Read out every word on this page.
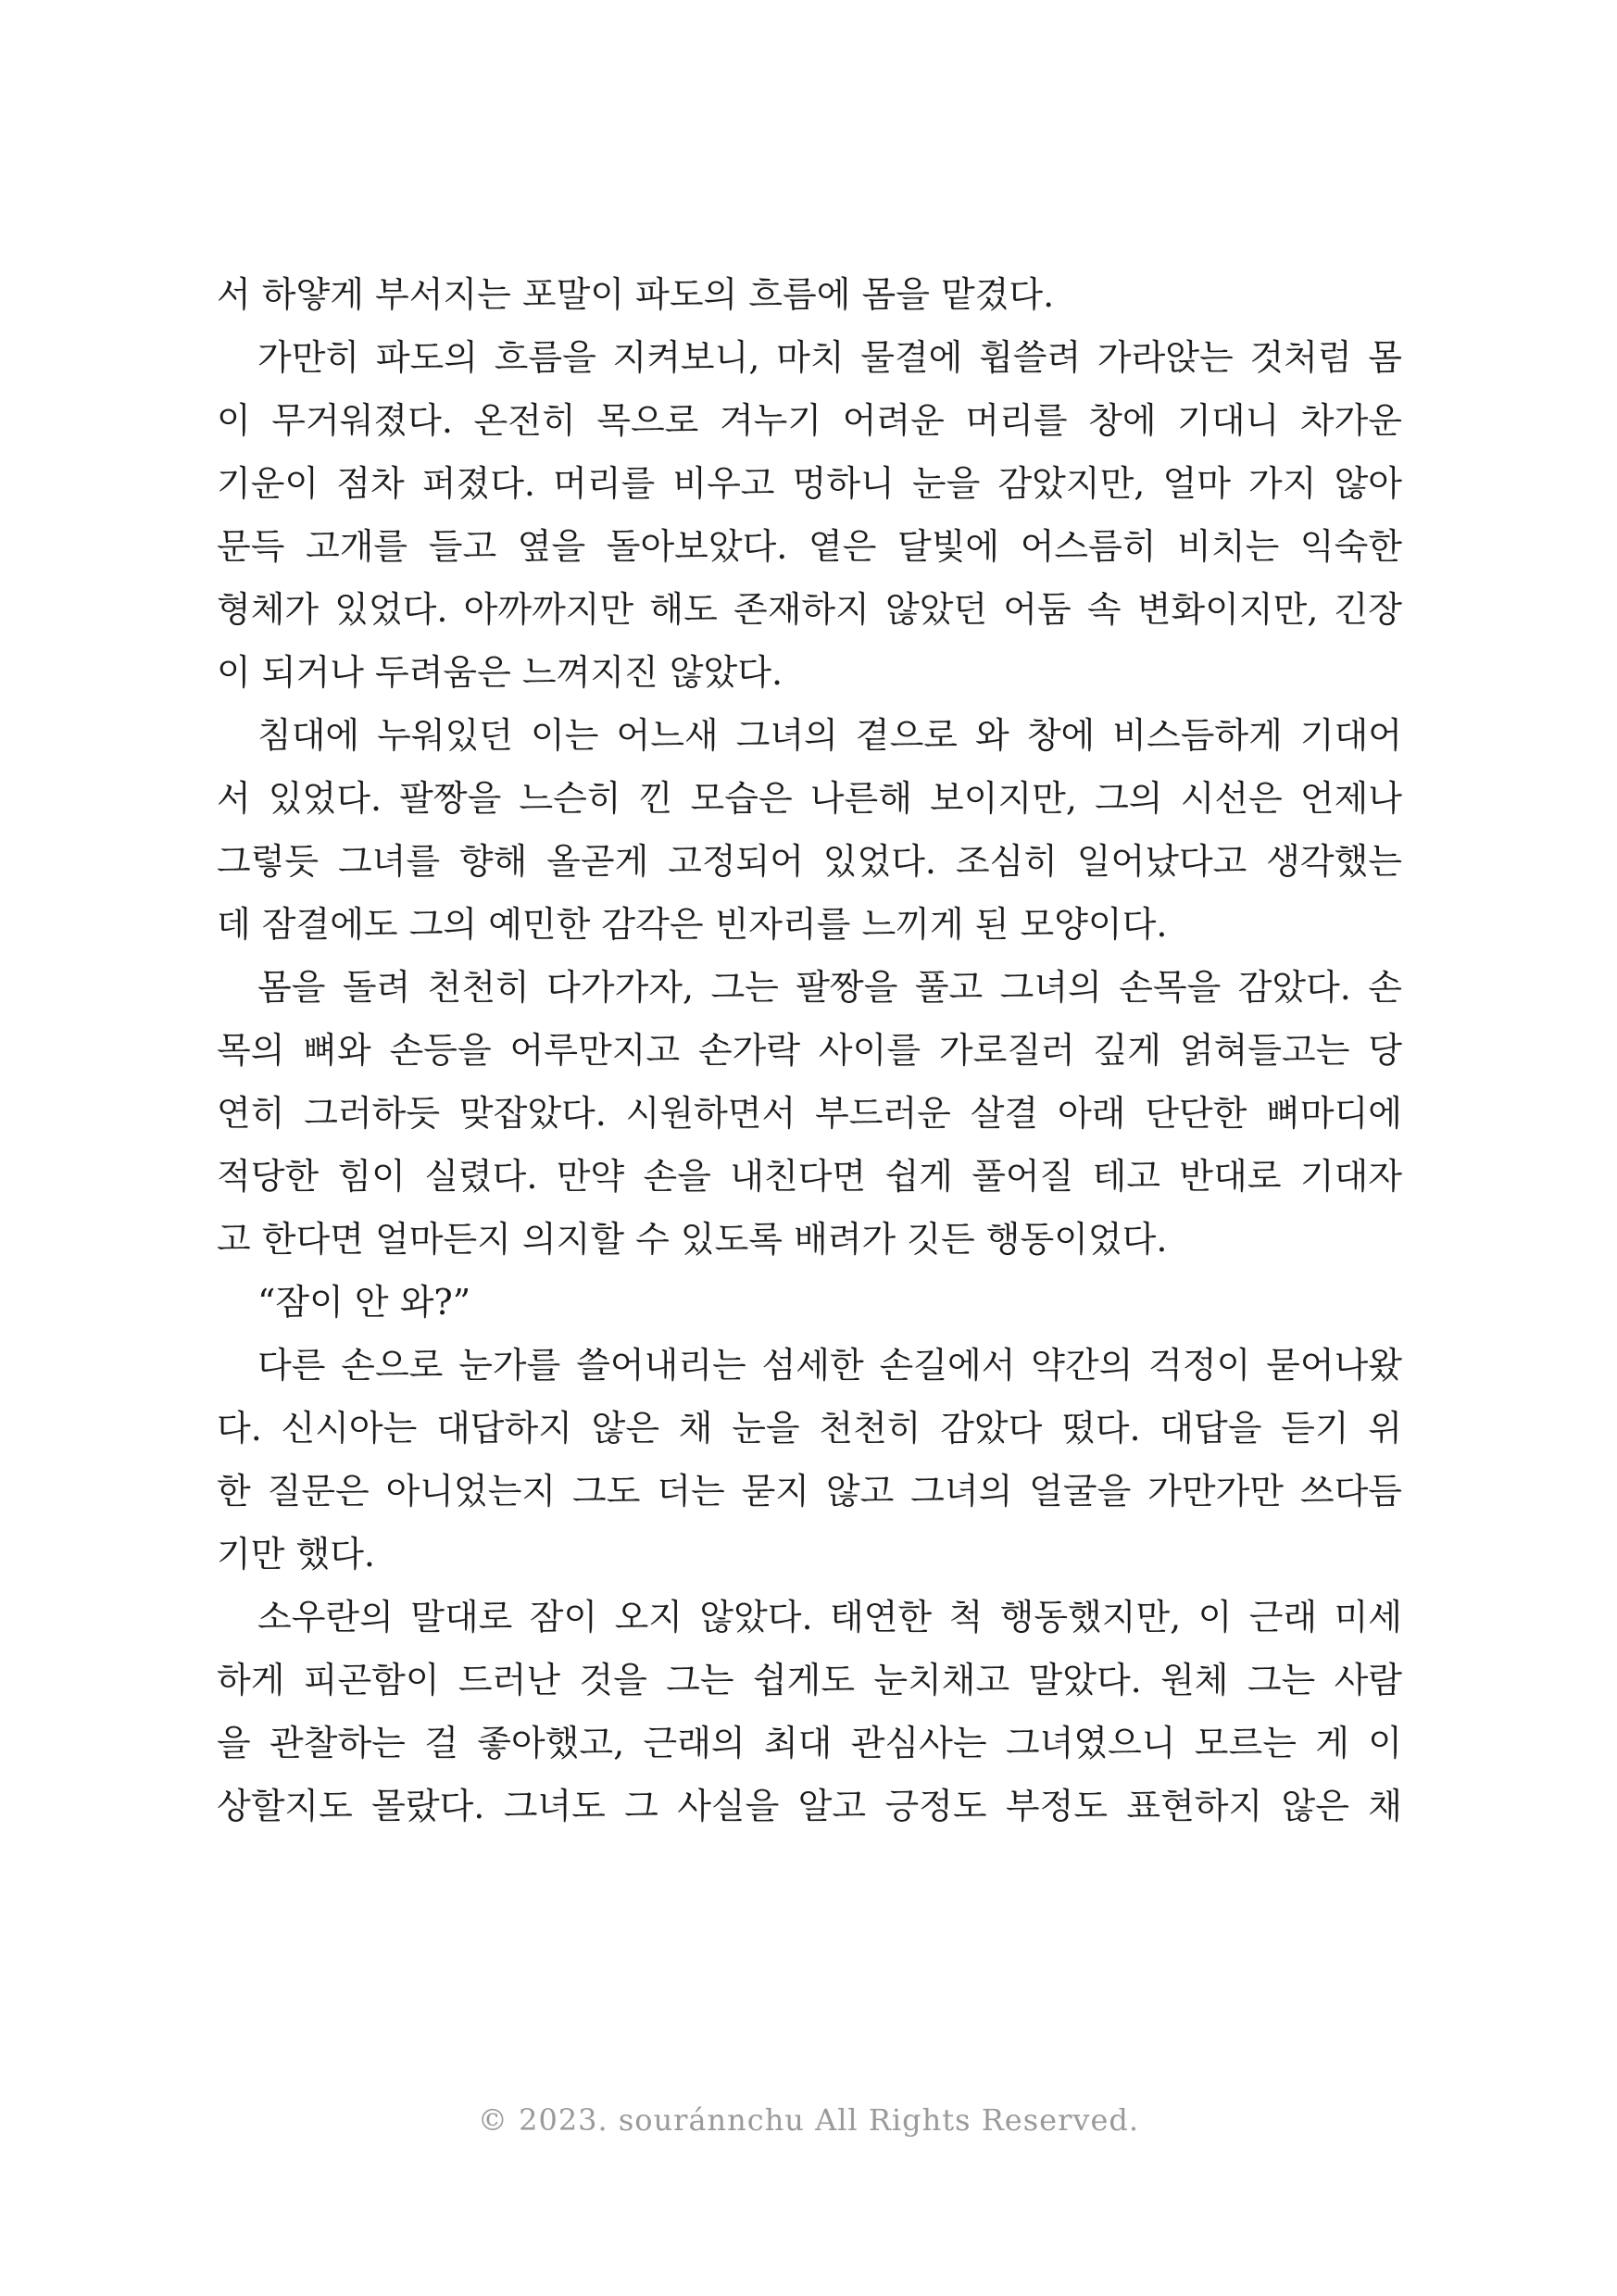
서 하얗게 부서지는 포말이 파도의 흐름에 몸을 맡겼다.
가만히 파도의 흐름을 지켜보니, 마치 물결에 휩쓸려 가라앉는 것처럼 몸
이 무거워졌다. 온전히 목으로 겨누기 어려운 머리를 창에 기대니 차가운
기운이 점차 퍼졌다. 머리를 비우고 멍하니 눈을 감았지만, 얼마 가지 않아
문득 고개를 들고 옆을 돌아보았다. 옅은 달빛에 어스름히 비치는 익숙한
형체가 있었다. 아까까지만 해도 존재하지 않았던 어둠 속 변화이지만, 긴장
이 되거나 두려움은 느껴지진 않았다.
침대에 누워있던 이는 어느새 그녀의 곁으로 와 창에 비스듬하게 기대어
서 있었다. 팔짱을 느슨히 낀 모습은 나른해 보이지만, 그의 시선은 언제나
그렇듯 그녀를 향해 올곧게 고정되어 있었다. 조심히 일어났다고 생각했는
데 잠결에도 그의 예민한 감각은 빈자리를 느끼게 된 모양이다.
몸을 돌려 천천히 다가가자, 그는 팔짱을 풀고 그녀의 손목을 감았다. 손
목의 뼈와 손등을 어루만지고 손가락 사이를 가로질러 깊게 얽혀들고는 당
연히 그러하듯 맞잡았다. 시원하면서 부드러운 살결 아래 단단한 뼈마디에
적당한 힘이 실렸다. 만약 손을 내친다면 쉽게 풀어질 테고 반대로 기대자
고 한다면 얼마든지 의지할 수 있도록 배려가 깃든 행동이었다.
“잠이 안 와?”
다른 손으로 눈가를 쓸어내리는 섬세한 손길에서 약간의 걱정이 묻어나왔
다. 신시아는 대답하지 않은 채 눈을 천천히 감았다 떴다. 대답을 듣기 위
한 질문은 아니었는지 그도 더는 묻지 않고 그녀의 얼굴을 가만가만 쓰다듬
기만 했다.
소우란의 말대로 잠이 오지 않았다. 태연한 척 행동했지만, 이 근래 미세
하게 피곤함이 드러난 것을 그는 쉽게도 눈치채고 말았다. 원체 그는 사람
을 관찰하는 걸 좋아했고, 근래의 최대 관심사는 그녀였으니 모르는 게 이
상할지도 몰랐다. 그녀도 그 사실을 알고 긍정도 부정도 표현하지 않은 채
© 2023. souránnchu All Rights Reserved.
